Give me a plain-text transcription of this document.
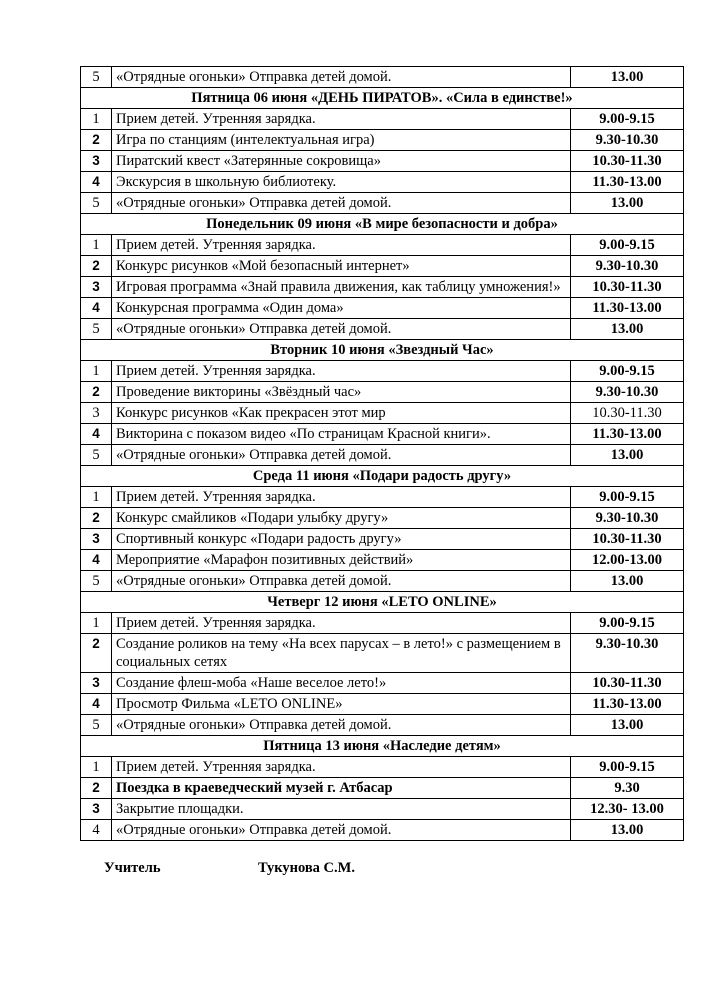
5	«Отрядные огоньки» Отправка детей домой.	13.00
Пятница 06 июня «ДЕНЬ ПИРАТОВ». «Сила в единстве!»		
1	Прием детей. Утренняя зарядка.	9.00-9.15
2	Игра по станциям (интелектуальная игра)	9.30-10.30
3	Пиратский квест «Затерянные сокровища»	10.30-11.30
4	Экскурсия в школьную библиотеку.	11.30-13.00
5	«Отрядные огоньки» Отправка детей домой.	13.00
Понедельник 09 июня «В мире безопасности и добра»		
1	Прием детей. Утренняя зарядка.	9.00-9.15
2	Конкурс рисунков «Мой безопасный интернет»	9.30-10.30
3	Игровая программа «Знай правила движения, как таблицу умножения!»	10.30-11.30
4	Конкурсная программа «Один дома»	11.30-13.00
5	«Отрядные огоньки» Отправка детей домой.	13.00
Вторник 10 июня «Звездный Час»		
1	Прием детей. Утренняя зарядка.	9.00-9.15
2	Проведение викторины «Звёздный час»	9.30-10.30
3	Конкурс рисунков «Как прекрасен этот мир	10.30-11.30
4	Викторина с показом видео «По страницам Красной книги».	11.30-13.00
5	«Отрядные огоньки» Отправка детей домой.	13.00
Среда 11 июня «Подари радость другу»		
1	Прием детей. Утренняя зарядка.	9.00-9.15
2	Конкурс смайликов «Подари улыбку другу»	9.30-10.30
3	Спортивный конкурс «Подари радость другу»	10.30-11.30
4	Мероприятие «Марафон позитивных действий»	12.00-13.00
5	«Отрядные огоньки» Отправка детей домой.	13.00
Четверг 12 июня «LETO ONLINE»		
1	Прием детей. Утренняя зарядка.	9.00-9.15
2	Создание роликов на тему «На всех парусах – в лето!» с размещением в социальных сетях	9.30-10.30
3	Создание флеш-моба «Наше веселое лето!»	10.30-11.30
4	Просмотр Фильма «LETO ONLINE»	11.30-13.00
5	«Отрядные огоньки» Отправка детей домой.	13.00
Пятница 13 июня «Наследие детям»		
1	Прием детей. Утренняя зарядка.	9.00-9.15
2	Поездка в краеведческий музей г. Атбасар	9.30
3	Закрытие площадки.	12.30- 13.00
4	«Отрядные огоньки» Отправка детей домой.	13.00
Учитель	Тукунова С.М.
